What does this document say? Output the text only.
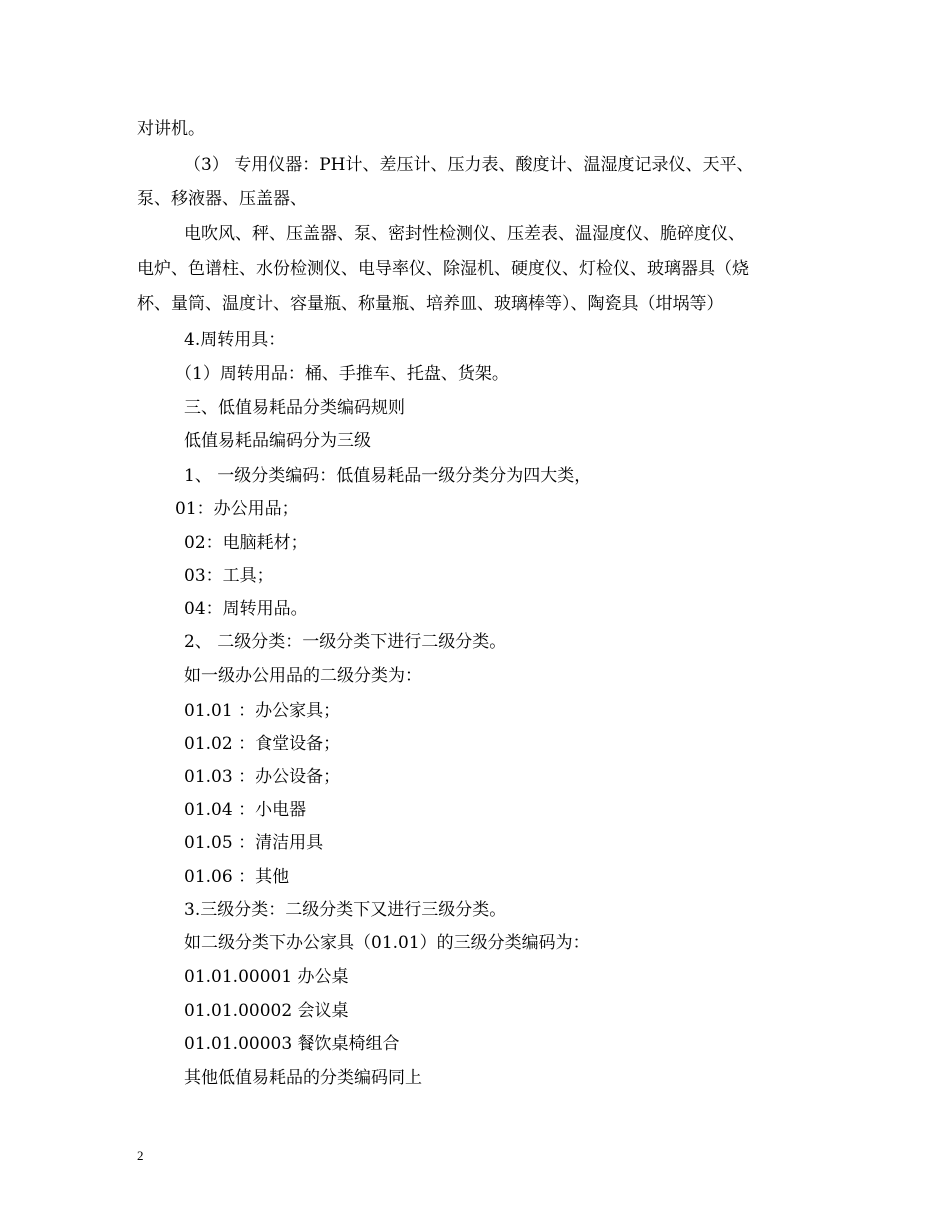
对讲机。
（3） 专用仪器：PH计、差压计、压力表、酸度计、温湿度记录仪、天平、
泵、移液器、压盖器、
电吹风、秤、压盖器、泵、密封性检测仪、压差表、温湿度仪、脆碎度仪、
电炉、色谱柱、水份检测仪、电导率仪、除湿机、硬度仪、灯检仪、玻璃器具（烧
杯、量筒、温度计、容量瓶、称量瓶、培养皿、玻璃棒等）、陶瓷具（坩埚等）
4.周转用具：
（1）周转用品：桶、手推车、托盘、货架。
三、低值易耗品分类编码规则
低值易耗品编码分为三级
1、 一级分类编码：低值易耗品一级分类分为四大类，
01：办公用品；
02：电脑耗材；
03：工具；
04：周转用品。
2、 二级分类：一级分类下进行二级分类。
如一级办公用品的二级分类为：
01.01 ：办公家具；
01.02 ：食堂设备；
01.03 ：办公设备；
01.04 ：小电器
01.05 ：清洁用具
01.06 ：其他
3.三级分类：二级分类下又进行三级分类。
如二级分类下办公家具（01.01）的三级分类编码为：
01.01.00001 办公桌
01.01.00002 会议桌
01.01.00003 餐饮桌椅组合
其他低值易耗品的分类编码同上
2
